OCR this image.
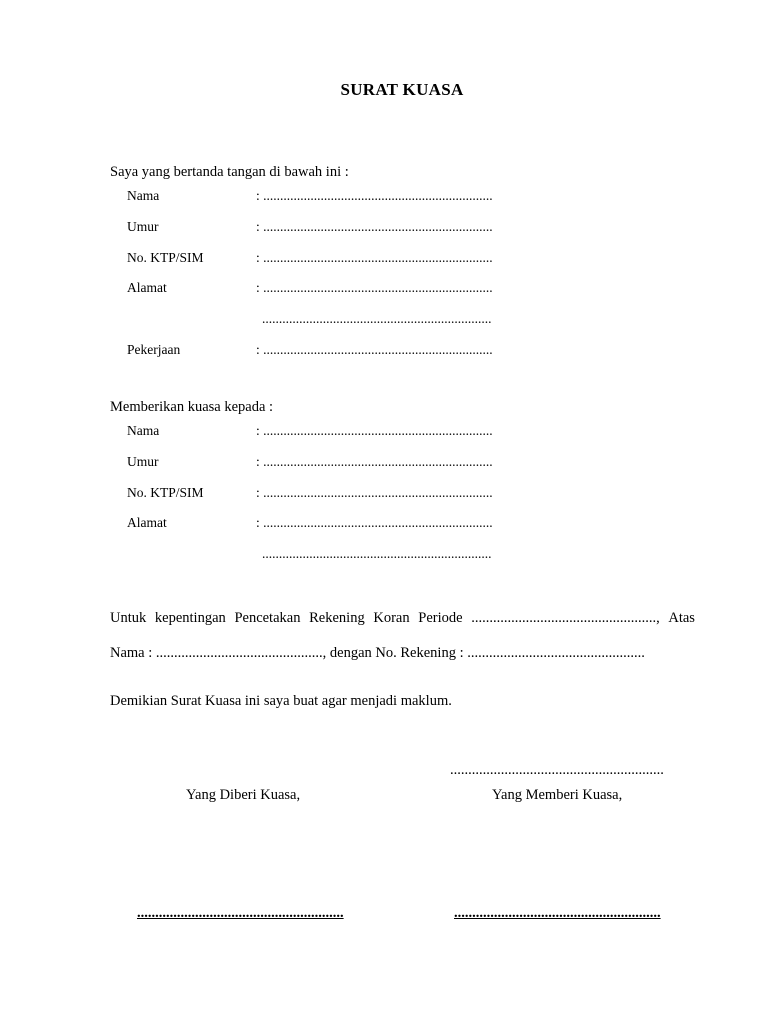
SURAT KUASA
Saya yang bertanda tangan di bawah ini :
Nama	: ....................................................................
Umur	: ....................................................................
No. KTP/SIM	: ....................................................................
Alamat	: ....................................................................
....................................................................
Pekerjaan	: ....................................................................
Memberikan kuasa kepada :
Nama	: ....................................................................
Umur	: ....................................................................
No. KTP/SIM	: ....................................................................
Alamat	: ....................................................................
....................................................................
Untuk kepentingan Pencetakan Rekening Koran Periode ..................................................., Atas
Nama : .............................................., dengan No. Rekening : .................................................
Demikian Surat Kuasa ini saya buat agar menjadi maklum.
...........................................................
Yang Diberi Kuasa,	Yang Memberi Kuasa,
.........................................................	.........................................................
